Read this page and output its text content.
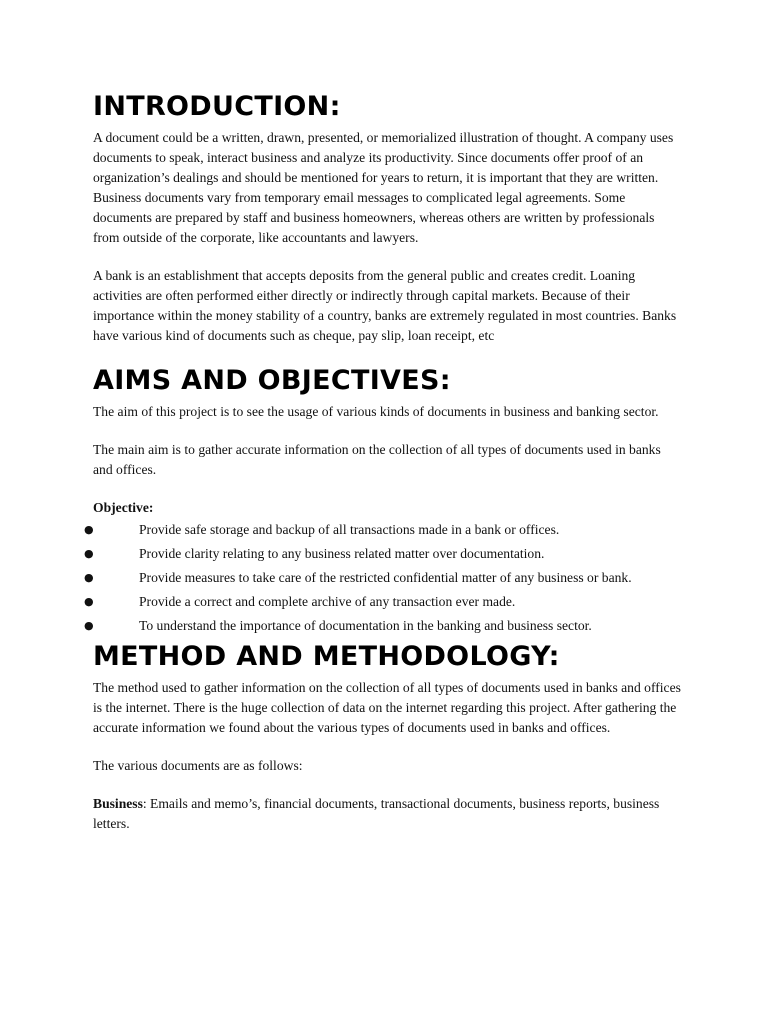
INTRODUCTION:

A document could be a written, drawn, presented, or memorialized illustration of thought. A company uses documents to speak, interact business and analyze its productivity. Since documents offer proof of an organization’s dealings and should be mentioned for years to return, it is important that they are written. Business documents vary from temporary email messages to complicated legal agreements. Some documents are prepared by staff and business homeowners, whereas others are written by professionals from outside of the corporate, like accountants and lawyers.

A bank is an establishment that accepts deposits from the general public and creates credit. Loaning activities are often performed either directly or indirectly through capital markets. Because of their importance within the money stability of a country, banks are extremely regulated in most countries. Banks have various kind of documents such as cheque, pay slip, loan receipt, etc

AIMS AND OBJECTIVES:

The aim of this project is to see the usage of various kinds of documents in business and banking sector.

The main aim is to gather accurate information on the collection of all types of documents used in banks and offices.

Objective:
●	Provide safe storage and backup of all transactions made in a bank or offices.
●	Provide clarity relating to any business related matter over documentation.
●	Provide measures to take care of the restricted confidential matter of any business or bank.
●	Provide a correct and complete archive of any transaction ever made.
●	To understand the importance of documentation in the banking and business sector.
METHOD AND METHODOLOGY:

The method used to gather information on the collection of all types of documents used in banks and offices is the internet. There is the huge collection of data on the internet regarding this project. After gathering the accurate information we found about the various types of documents used in banks and offices.

The various documents are as follows:

Business: Emails and memo’s, financial documents, transactional documents, business reports, business letters.
